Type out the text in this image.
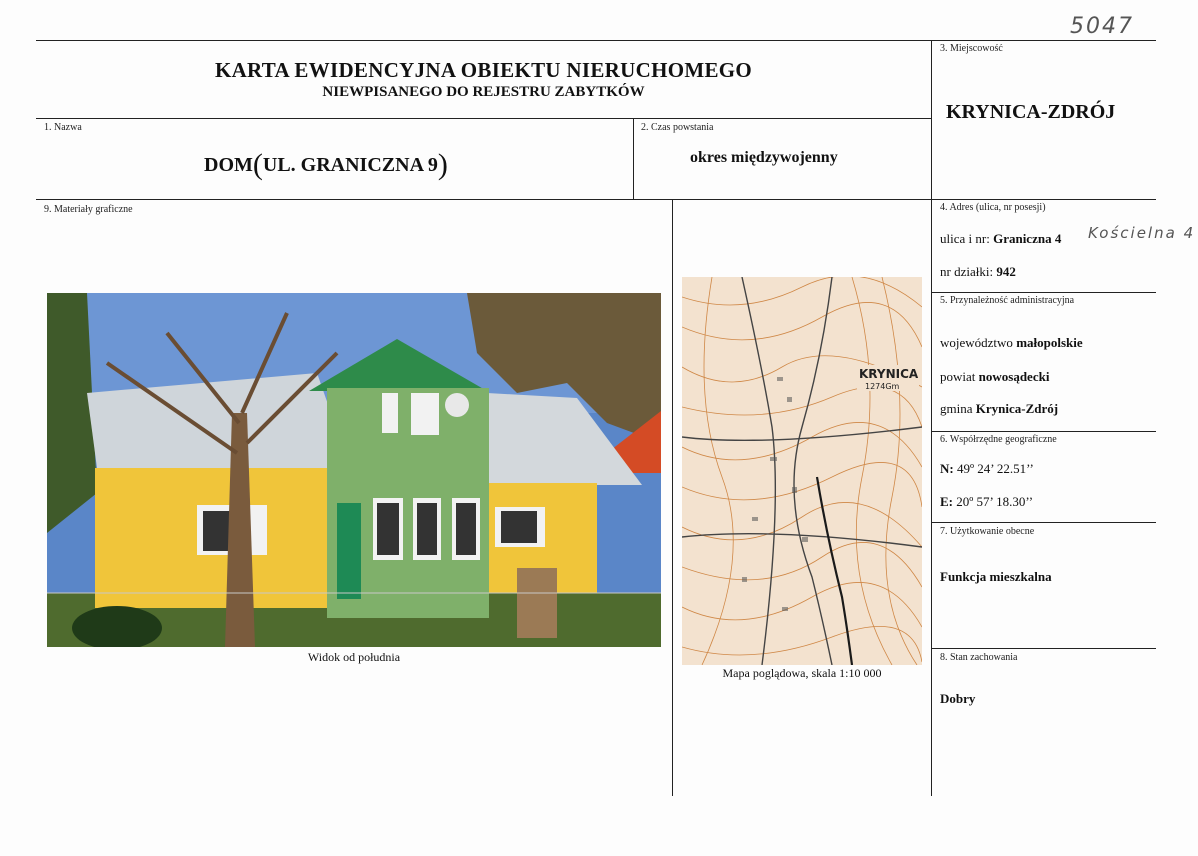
5047
Kościelna 4
KARTA EWIDENCYJNA OBIEKTU NIERUCHOMEGO
NIEWPISANEGO DO REJESTRU ZABYTKÓW
3. Miejscowość
KRYNICA-ZDRÓJ
1. Nazwa
DOM(UL. GRANICZNA 9)
2. Czas powstania
okres międzywojenny
9. Materiały graficzne
Widok od południa
KRYNICA
1274Gm
Mapa poglądowa, skala 1:10 000
4. Adres (ulica, nr posesji)
ulica i nr: Graniczna 4
nr działki: 942
5. Przynależność administracyjna
województwo małopolskie
powiat nowosądecki
gmina Krynica-Zdrój
6. Współrzędne geograficzne
N: 49º 24’ 22.51’’
E: 20º 57’ 18.30’’
7. Użytkowanie obecne
Funkcja mieszkalna
8. Stan zachowania
Dobry
